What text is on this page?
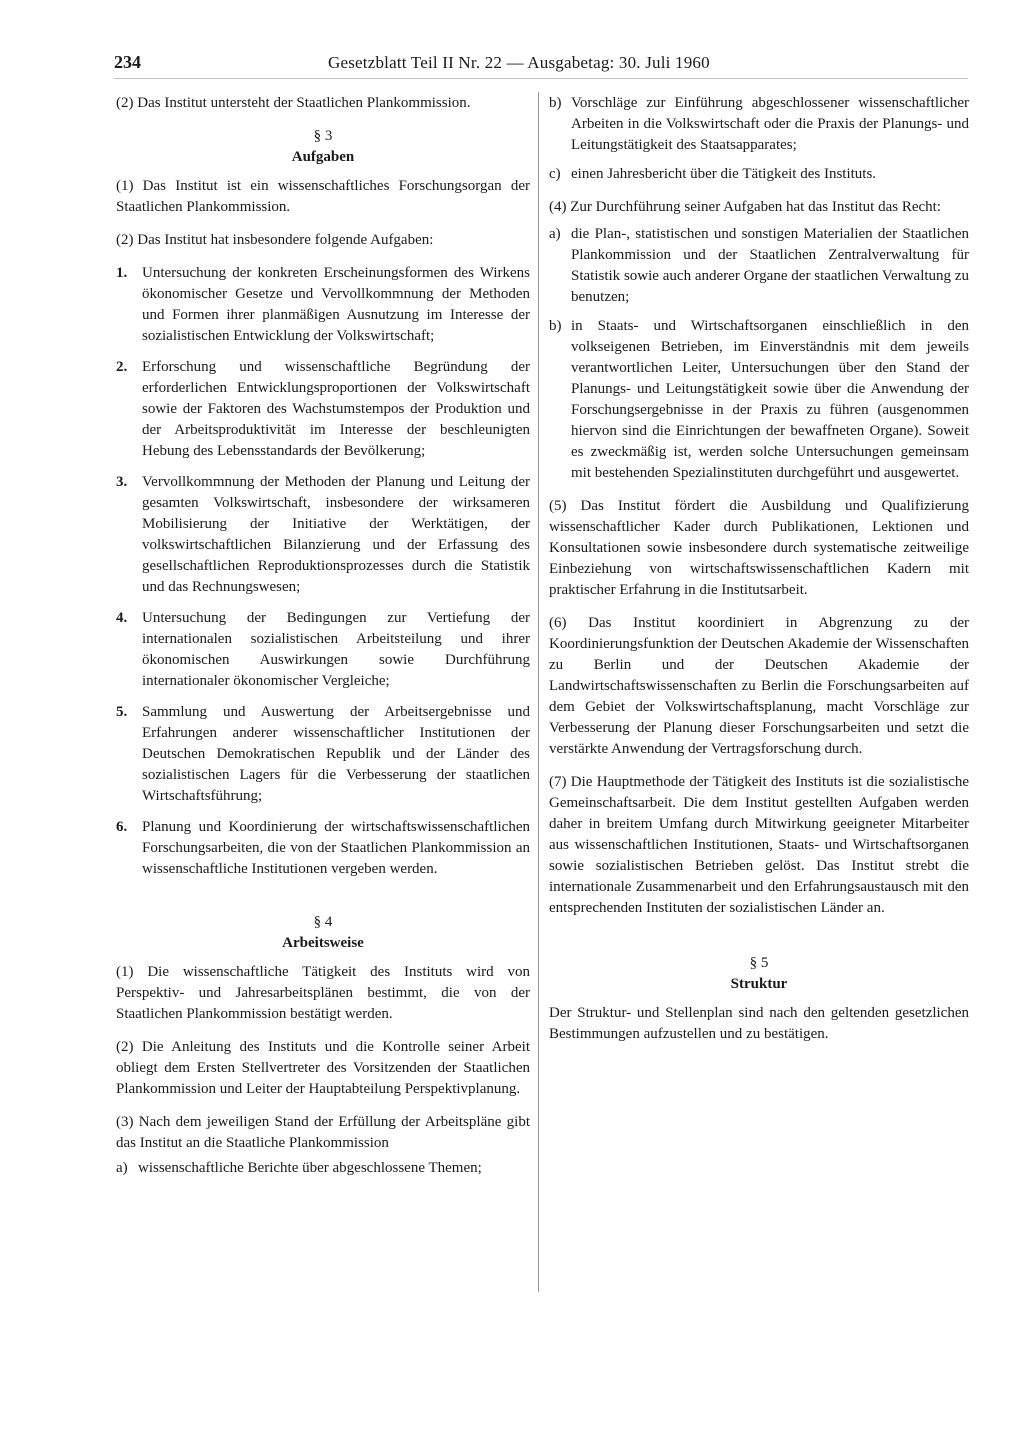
234	Gesetzblatt Teil II Nr. 22 — Ausgabetag: 30. Juli 1960

(2) Das Institut untersteht der Staatlichen Plankommission.

§ 3
Aufgaben

(1) Das Institut ist ein wissenschaftliches Forschungsorgan der Staatlichen Plankommission.

(2) Das Institut hat insbesondere folgende Aufgaben:

1. Untersuchung der konkreten Erscheinungsformen des Wirkens ökonomischer Gesetze und Vervollkommnung der Methoden und Formen ihrer planmäßigen Ausnutzung im Interesse der sozialistischen Entwicklung der Volkswirtschaft;
2. Erforschung und wissenschaftliche Begründung der erforderlichen Entwicklungsproportionen der Volkswirtschaft sowie der Faktoren des Wachstumstempos der Produktion und der Arbeitsproduktivität im Interesse der beschleunigten Hebung des Lebensstandards der Bevölkerung;
3. Vervollkommnung der Methoden der Planung und Leitung der gesamten Volkswirtschaft, insbesondere der wirksameren Mobilisierung der Initiative der Werktätigen, der volkswirtschaftlichen Bilanzierung und der Erfassung des gesellschaftlichen Reproduktionsprozesses durch die Statistik und das Rechnungswesen;
4. Untersuchung der Bedingungen zur Vertiefung der internationalen sozialistischen Arbeitsteilung und ihrer ökonomischen Auswirkungen sowie Durchführung internationaler ökonomischer Vergleiche;
5. Sammlung und Auswertung der Arbeitsergebnisse und Erfahrungen anderer wissenschaftlicher Institutionen der Deutschen Demokratischen Republik und der Länder des sozialistischen Lagers für die Verbesserung der staatlichen Wirtschaftsführung;
6. Planung und Koordinierung der wirtschaftswissenschaftlichen Forschungsarbeiten, die von der Staatlichen Plankommission an wissenschaftliche Institutionen vergeben werden.
§ 4
Arbeitsweise

(1) Die wissenschaftliche Tätigkeit des Instituts wird von Perspektiv- und Jahresarbeitsplänen bestimmt, die von der Staatlichen Plankommission bestätigt werden.

(2) Die Anleitung des Instituts und die Kontrolle seiner Arbeit obliegt dem Ersten Stellvertreter des Vorsitzenden der Staatlichen Plankommission und Leiter der Hauptabteilung Perspektivplanung.

(3) Nach dem jeweiligen Stand der Erfüllung der Arbeitspläne gibt das Institut an die Staatliche Plankommission

a) wissenschaftliche Berichte über abgeschlossene Themen;
b) Vorschläge zur Einführung abgeschlossener wissenschaftlicher Arbeiten in die Volkswirtschaft oder die Praxis der Planungs- und Leitungstätigkeit des Staatsapparates;
c) einen Jahresbericht über die Tätigkeit des Instituts.

(4) Zur Durchführung seiner Aufgaben hat das Institut das Recht:

a) die Plan-, statistischen und sonstigen Materialien der Staatlichen Plankommission und der Staatlichen Zentralverwaltung für Statistik sowie auch anderer Organe der staatlichen Verwaltung zu benutzen;
b) in Staats- und Wirtschaftsorganen einschließlich in den volkseigenen Betrieben, im Einverständnis mit dem jeweils verantwortlichen Leiter, Untersuchungen über den Stand der Planungs- und Leitungstätigkeit sowie über die Anwendung der Forschungsergebnisse in der Praxis zu führen (ausgenommen hiervon sind die Einrichtungen der bewaffneten Organe). Soweit es zweckmäßig ist, werden solche Untersuchungen gemeinsam mit bestehenden Spezialinstituten durchgeführt und ausgewertet.

(5) Das Institut fördert die Ausbildung und Qualifizierung wissenschaftlicher Kader durch Publikationen, Lektionen und Konsultationen sowie insbesondere durch systematische zeitweilige Einbeziehung von wirtschaftswissenschaftlichen Kadern mit praktischer Erfahrung in die Institutsarbeit.

(6) Das Institut koordiniert in Abgrenzung zu der Koordinierungsfunktion der Deutschen Akademie der Wissenschaften zu Berlin und der Deutschen Akademie der Landwirtschaftswissenschaften zu Berlin die Forschungsarbeiten auf dem Gebiet der Volkswirtschaftsplanung, macht Vorschläge zur Verbesserung der Planung dieser Forschungsarbeiten und setzt die verstärkte Anwendung der Vertragsforschung durch.

(7) Die Hauptmethode der Tätigkeit des Instituts ist die sozialistische Gemeinschaftsarbeit. Die dem Institut gestellten Aufgaben werden daher in breitem Umfang durch Mitwirkung geeigneter Mitarbeiter aus wissenschaftlichen Institutionen, Staats- und Wirtschaftsorganen sowie sozialistischen Betrieben gelöst. Das Institut strebt die internationale Zusammenarbeit und den Erfahrungsaustausch mit den entsprechenden Instituten der sozialistischen Länder an.

§ 5
Struktur

Der Struktur- und Stellenplan sind nach den geltenden gesetzlichen Bestimmungen aufzustellen und zu bestätigen.
